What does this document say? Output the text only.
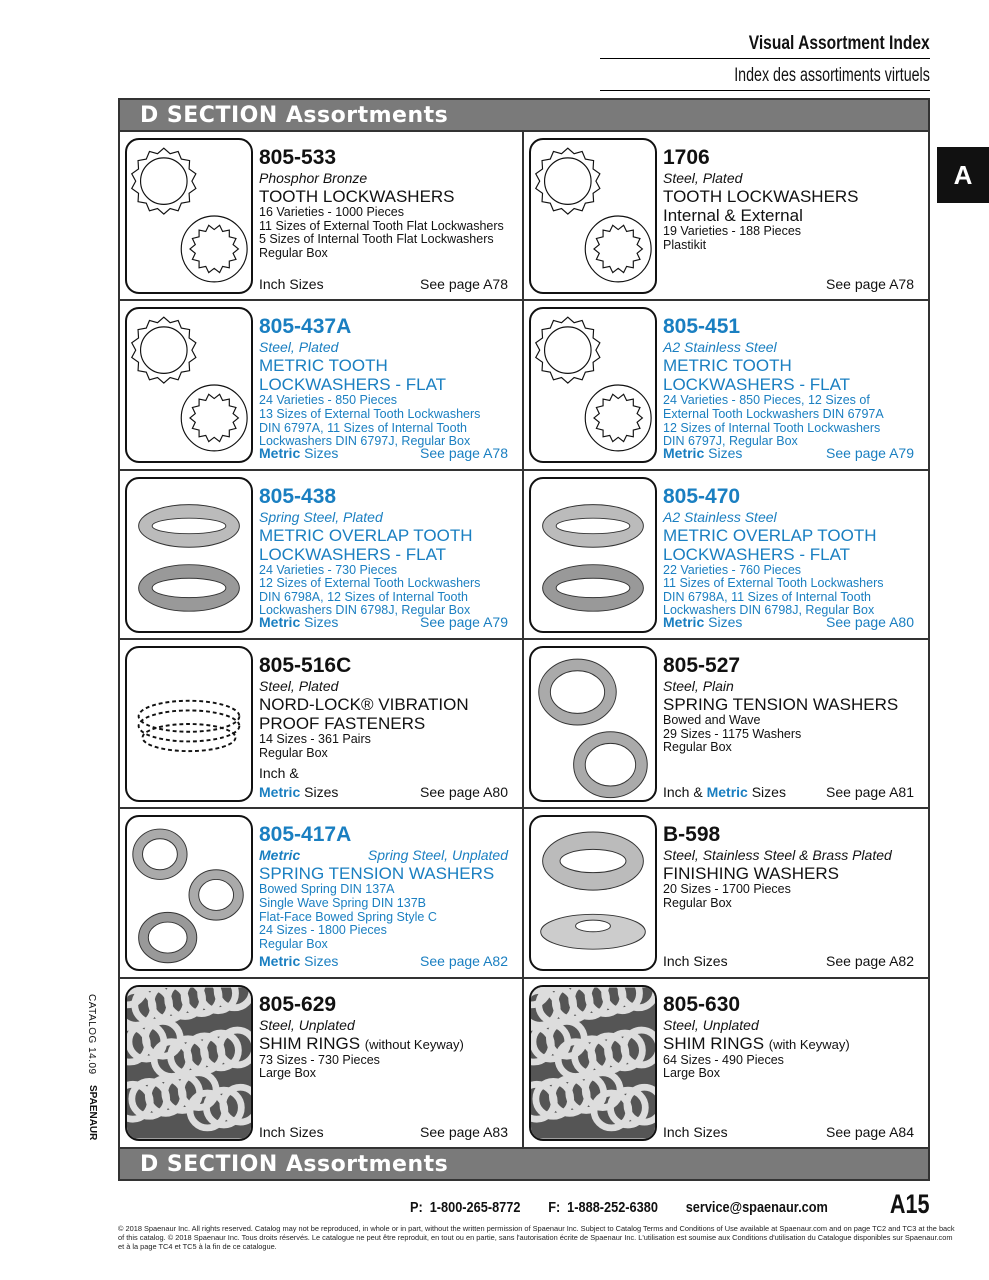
Visual Assortment Index
Index des assortiments virtuels
A
D SECTION Assortments
805-533
Phosphor Bronze
TOOTH LOCKWASHERS
16 Varieties - 1000 Pieces
11 Sizes of External Tooth Flat Lockwashers
5 Sizes of Internal Tooth Flat Lockwashers
Regular Box
Inch Sizes	See page A78
1706
Steel, Plated
TOOTH LOCKWASHERS
Internal & External
19 Varieties - 188 Pieces
Plastikit
See page A78
805-437A
Steel, Plated
METRIC TOOTH
LOCKWASHERS - FLAT
24 Varieties - 850 Pieces
13 Sizes of External Tooth Lockwashers
DIN 6797A, 11 Sizes of Internal Tooth
Lockwashers DIN 6797J, Regular Box
Metric Sizes	See page A78
805-451
A2 Stainless Steel
METRIC TOOTH
LOCKWASHERS - FLAT
24 Varieties - 850 Pieces, 12 Sizes of
External Tooth Lockwashers DIN 6797A
12 Sizes of Internal Tooth Lockwashers
DIN 6797J, Regular Box
Metric Sizes	See page A79
805-438
Spring Steel, Plated
METRIC OVERLAP TOOTH
LOCKWASHERS - FLAT
24 Varieties - 730 Pieces
12 Sizes of External Tooth Lockwashers
DIN 6798A, 12 Sizes of Internal Tooth
Lockwashers DIN 6798J, Regular Box
Metric Sizes	See page A79
805-470
A2 Stainless Steel
METRIC OVERLAP TOOTH
LOCKWASHERS - FLAT
22 Varieties - 760 Pieces
11 Sizes of External Tooth Lockwashers
DIN 6798A, 11 Sizes of Internal Tooth
Lockwashers DIN 6798J, Regular Box
Metric Sizes	See page A80
805-516C
Steel, Plated
NORD-LOCK® VIBRATION
PROOF FASTENERS
14 Sizes - 361 Pairs
Regular Box
Inch &
Metric Sizes	See page A80
805-527
Steel, Plain
SPRING TENSION WASHERS
Bowed and Wave
29 Sizes - 1175 Washers
Regular Box
Inch & Metric Sizes	See page A81
805-417A
Metric	Spring Steel, Unplated
SPRING TENSION WASHERS
Bowed Spring DIN 137A
Single Wave Spring DIN 137B
Flat-Face Bowed Spring Style C
24 Sizes - 1800 Pieces
Regular Box
Metric Sizes	See page A82
B-598
Steel, Stainless Steel & Brass Plated
FINISHING WASHERS
20 Sizes - 1700 Pieces
Regular Box
Inch Sizes	See page A82
805-629
Steel, Unplated
SHIM RINGS (without Keyway)
73 Sizes - 730 Pieces
Large Box
Inch Sizes	See page A83
805-630
Steel, Unplated
SHIM RINGS (with Keyway)
64 Sizes - 490 Pieces
Large Box
Inch Sizes	See page A84
D SECTION Assortments
CATALOG 14.09
SPAENAUR
P: 1-800-265-8772 F: 1-888-252-6380 service@spaenaur.com A15
© 2018 Spaenaur Inc. All rights reserved. Catalog may not be reproduced, in whole or in part, without the written permission of Spaenaur Inc. Subject to Catalog Terms and Conditions of Use available at Spaenaur.com and on page TC2 and TC3 at the back of this catalog. © 2018 Spaenaur Inc. Tous droits réservés. Le catalogue ne peut être reproduit, en tout ou en partie, sans l'autorisation écrite de Spaenaur Inc. L'utilisation est soumise aux Conditions d'utilisation du Catalogue disponibles sur Spaenaur.com et à la page TC4 et TC5 à la fin de ce catalogue.
